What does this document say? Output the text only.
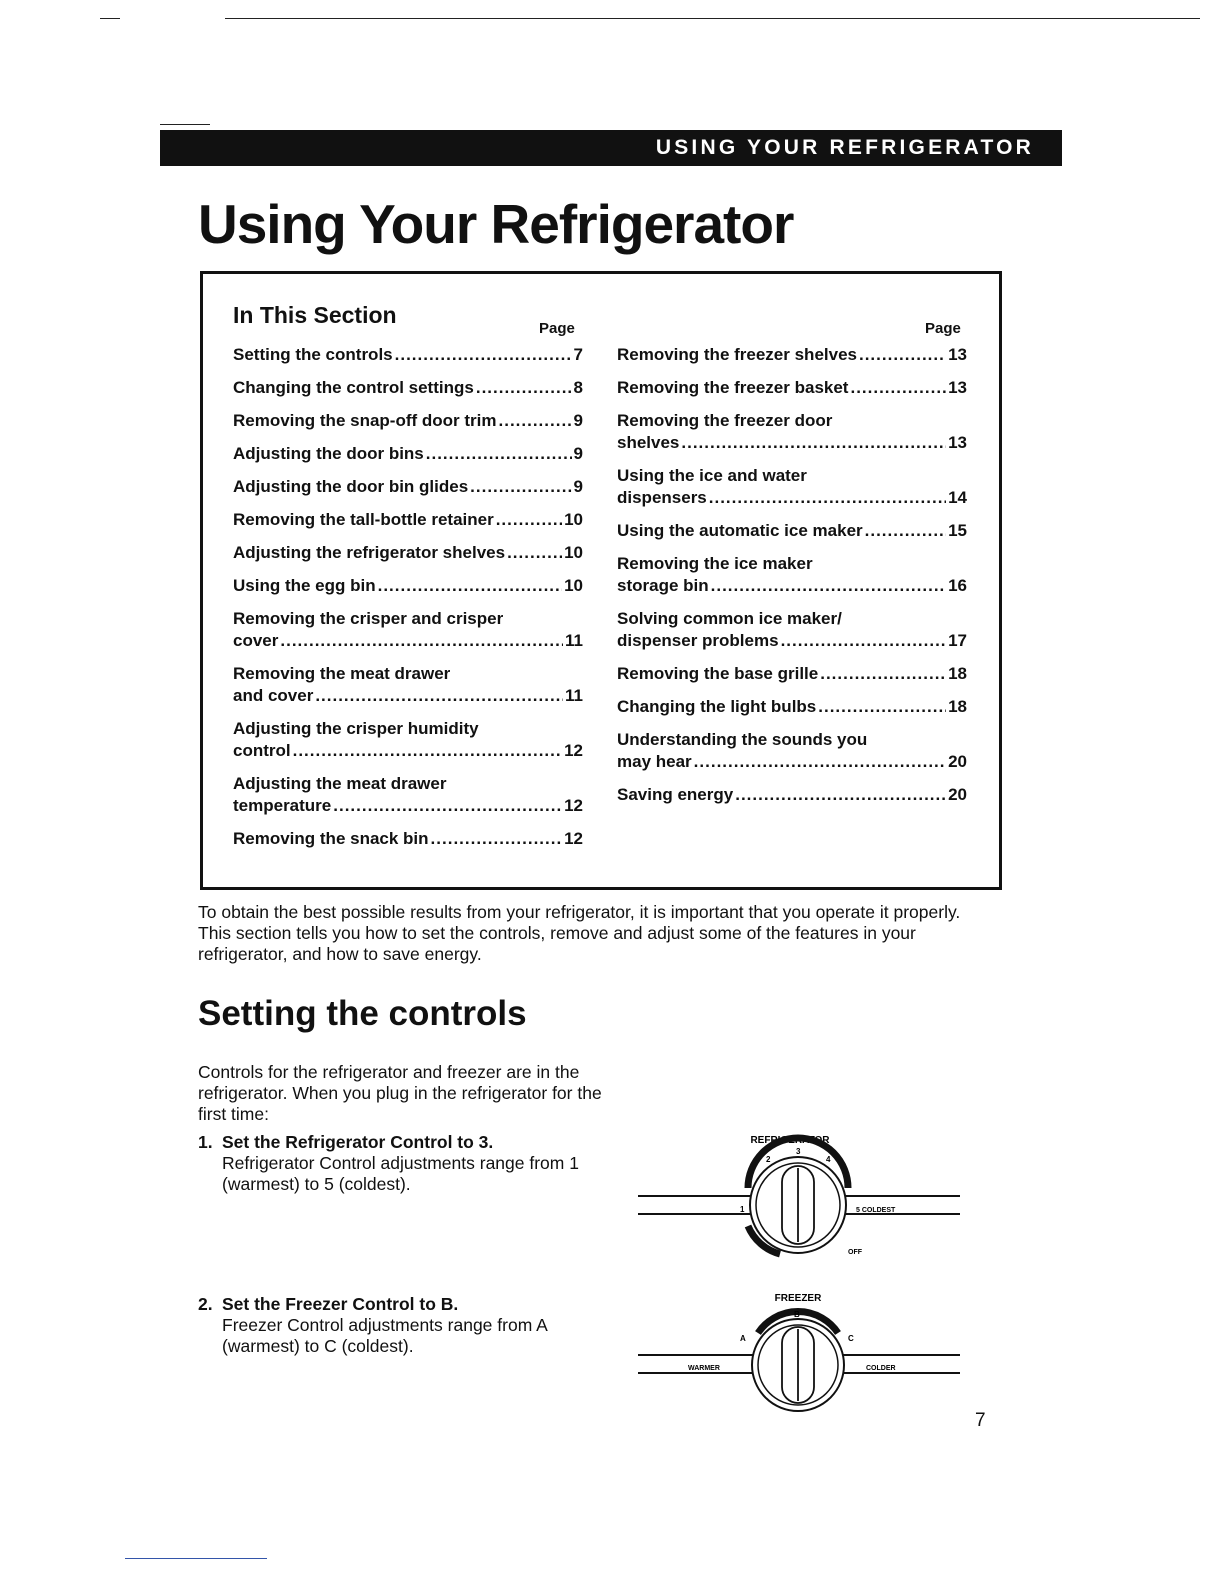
USING YOUR REFRIGERATOR
Using Your Refrigerator
In This Section
Page	Page
Setting the controls .....	7
Changing the control settings .....	8
Removing the snap-off door trim .....	9
Adjusting the door bins .....	9
Adjusting the door bin glides .....	9
Removing the tall-bottle retainer .....	10
Adjusting the refrigerator shelves .....	10
Using the egg bin .....	10
Removing the crisper and crisper
cover .....	11
Removing the meat drawer
and cover .....	11
Adjusting the crisper humidity
control .....	12
Adjusting the meat drawer
temperature .....	12
Removing the snack bin .....	12
Removing the freezer shelves .....	13
Removing the freezer basket .....	13
Removing the freezer door
shelves .....	13
Using the ice and water
dispensers .....	14
Using the automatic ice maker .....	15
Removing the ice maker
storage bin .....	16
Solving common ice maker/
dispenser problems .....	17
Removing the base grille .....	18
Changing the light bulbs .....	18
Understanding the sounds you
may hear .....	20
Saving energy .....	20

To obtain the best possible results from your refrigerator, it is important that you operate it properly. This section tells you how to set the controls, remove and adjust some of the features in your refrigerator, and how to save energy.

Setting the controls

Controls for the refrigerator and freezer are in the refrigerator. When you plug in the refrigerator for the first time:

1. Set the Refrigerator Control to 3.
Refrigerator Control adjustments range from 1 (warmest) to 5 (coldest).
2. Set the Freezer Control to B.
Freezer Control adjustments range from A (warmest) to C (coldest).
REFRIGERATOR
2
3
4
1	5 COLDEST
OFF
FREEZER
A
B
C
WARMER	COLDER
7
